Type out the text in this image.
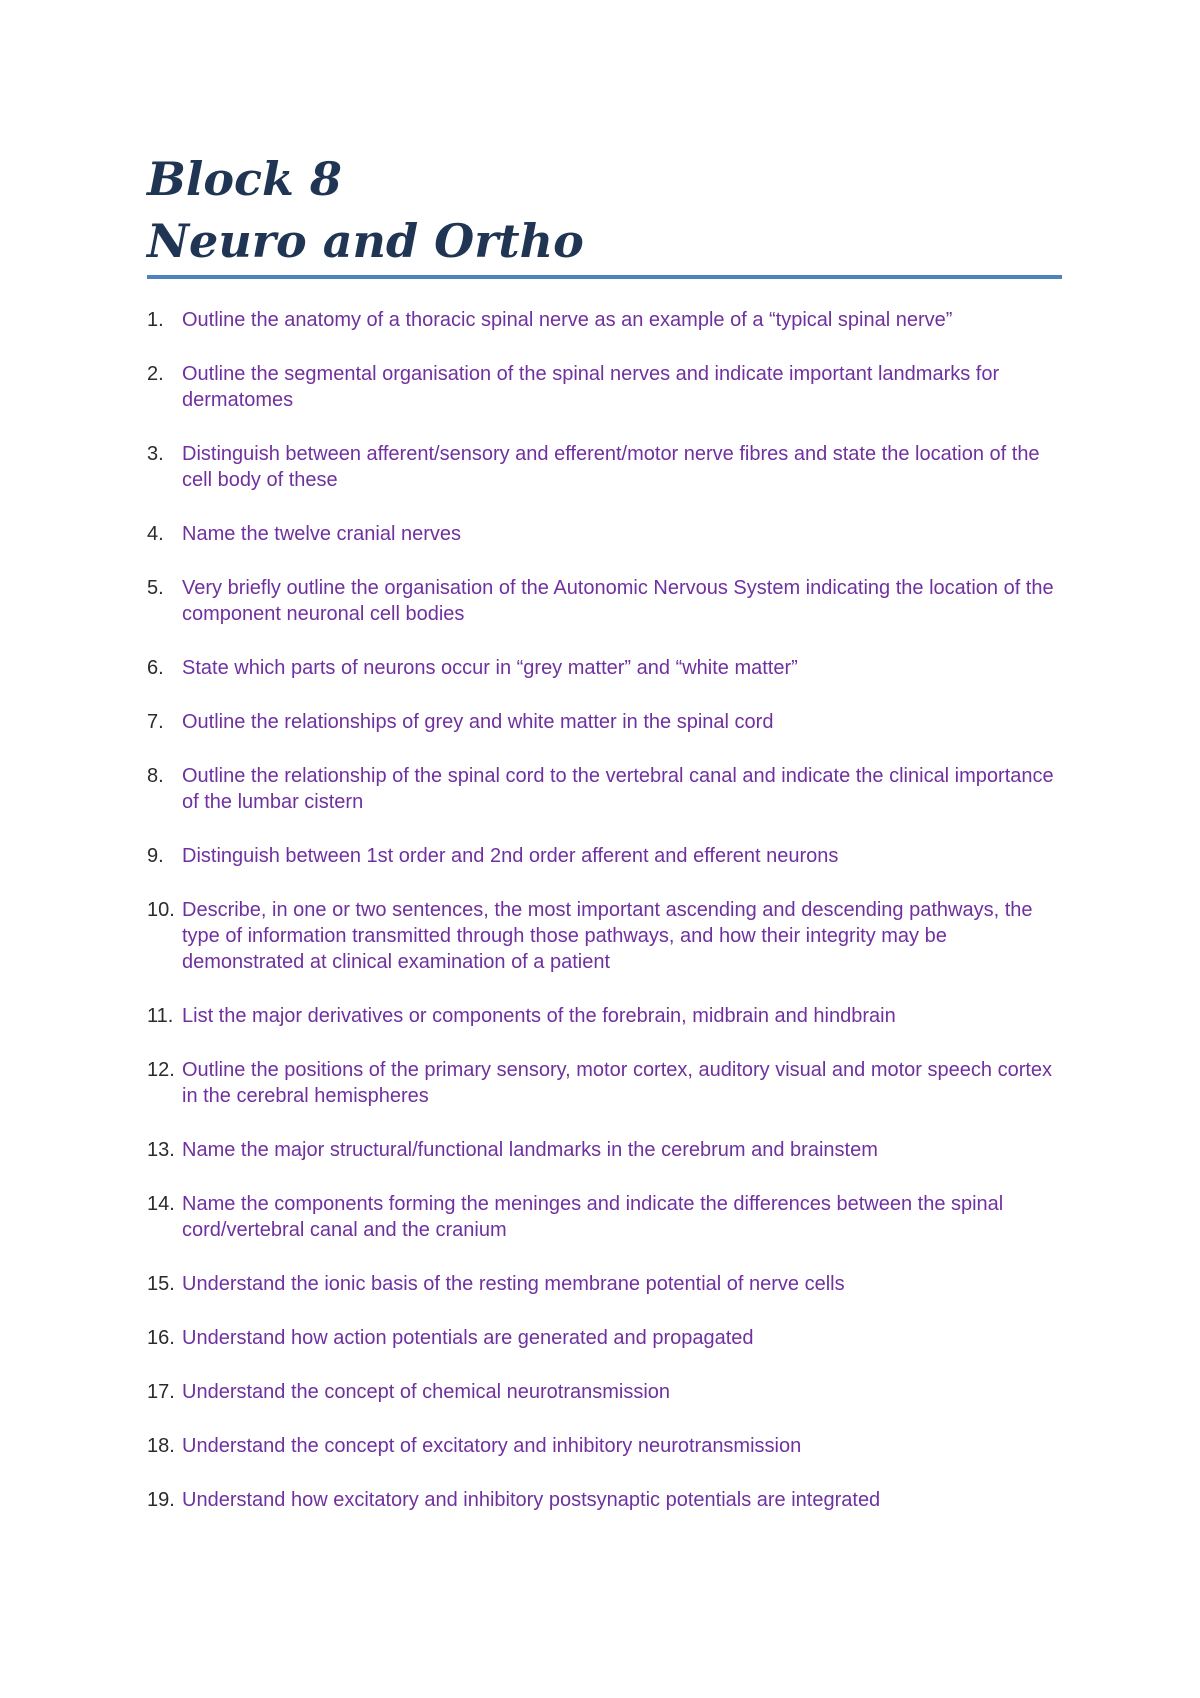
Block 8
Neuro and Ortho
1. Outline the anatomy of a thoracic spinal nerve as an example of a “typical spinal nerve”
2. Outline the segmental organisation of the spinal nerves and indicate important landmarks for dermatomes
3. Distinguish between afferent/sensory and efferent/motor nerve fibres and state the location of the cell body of these
4. Name the twelve cranial nerves
5. Very briefly outline the organisation of the Autonomic Nervous System indicating the location of the component neuronal cell bodies
6. State which parts of neurons occur in “grey matter” and “white matter”
7. Outline the relationships of grey and white matter in the spinal cord
8. Outline the relationship of the spinal cord to the vertebral canal and indicate the clinical importance of the lumbar cistern
9. Distinguish between 1st order and 2nd order afferent and efferent neurons
10. Describe, in one or two sentences, the most important ascending and descending pathways, the type of information transmitted through those pathways, and how their integrity may be demonstrated at clinical examination of a patient
11. List the major derivatives or components of the forebrain, midbrain and hindbrain
12. Outline the positions of the primary sensory, motor cortex, auditory visual and motor speech cortex in the cerebral hemispheres
13. Name the major structural/functional landmarks in the cerebrum and brainstem
14. Name the components forming the meninges and indicate the differences between the spinal cord/vertebral canal and the cranium
15. Understand the ionic basis of the resting membrane potential of nerve cells
16. Understand how action potentials are generated and propagated
17. Understand the concept of chemical neurotransmission
18. Understand the concept of excitatory and inhibitory neurotransmission
19. Understand how excitatory and inhibitory postsynaptic potentials are integrated
